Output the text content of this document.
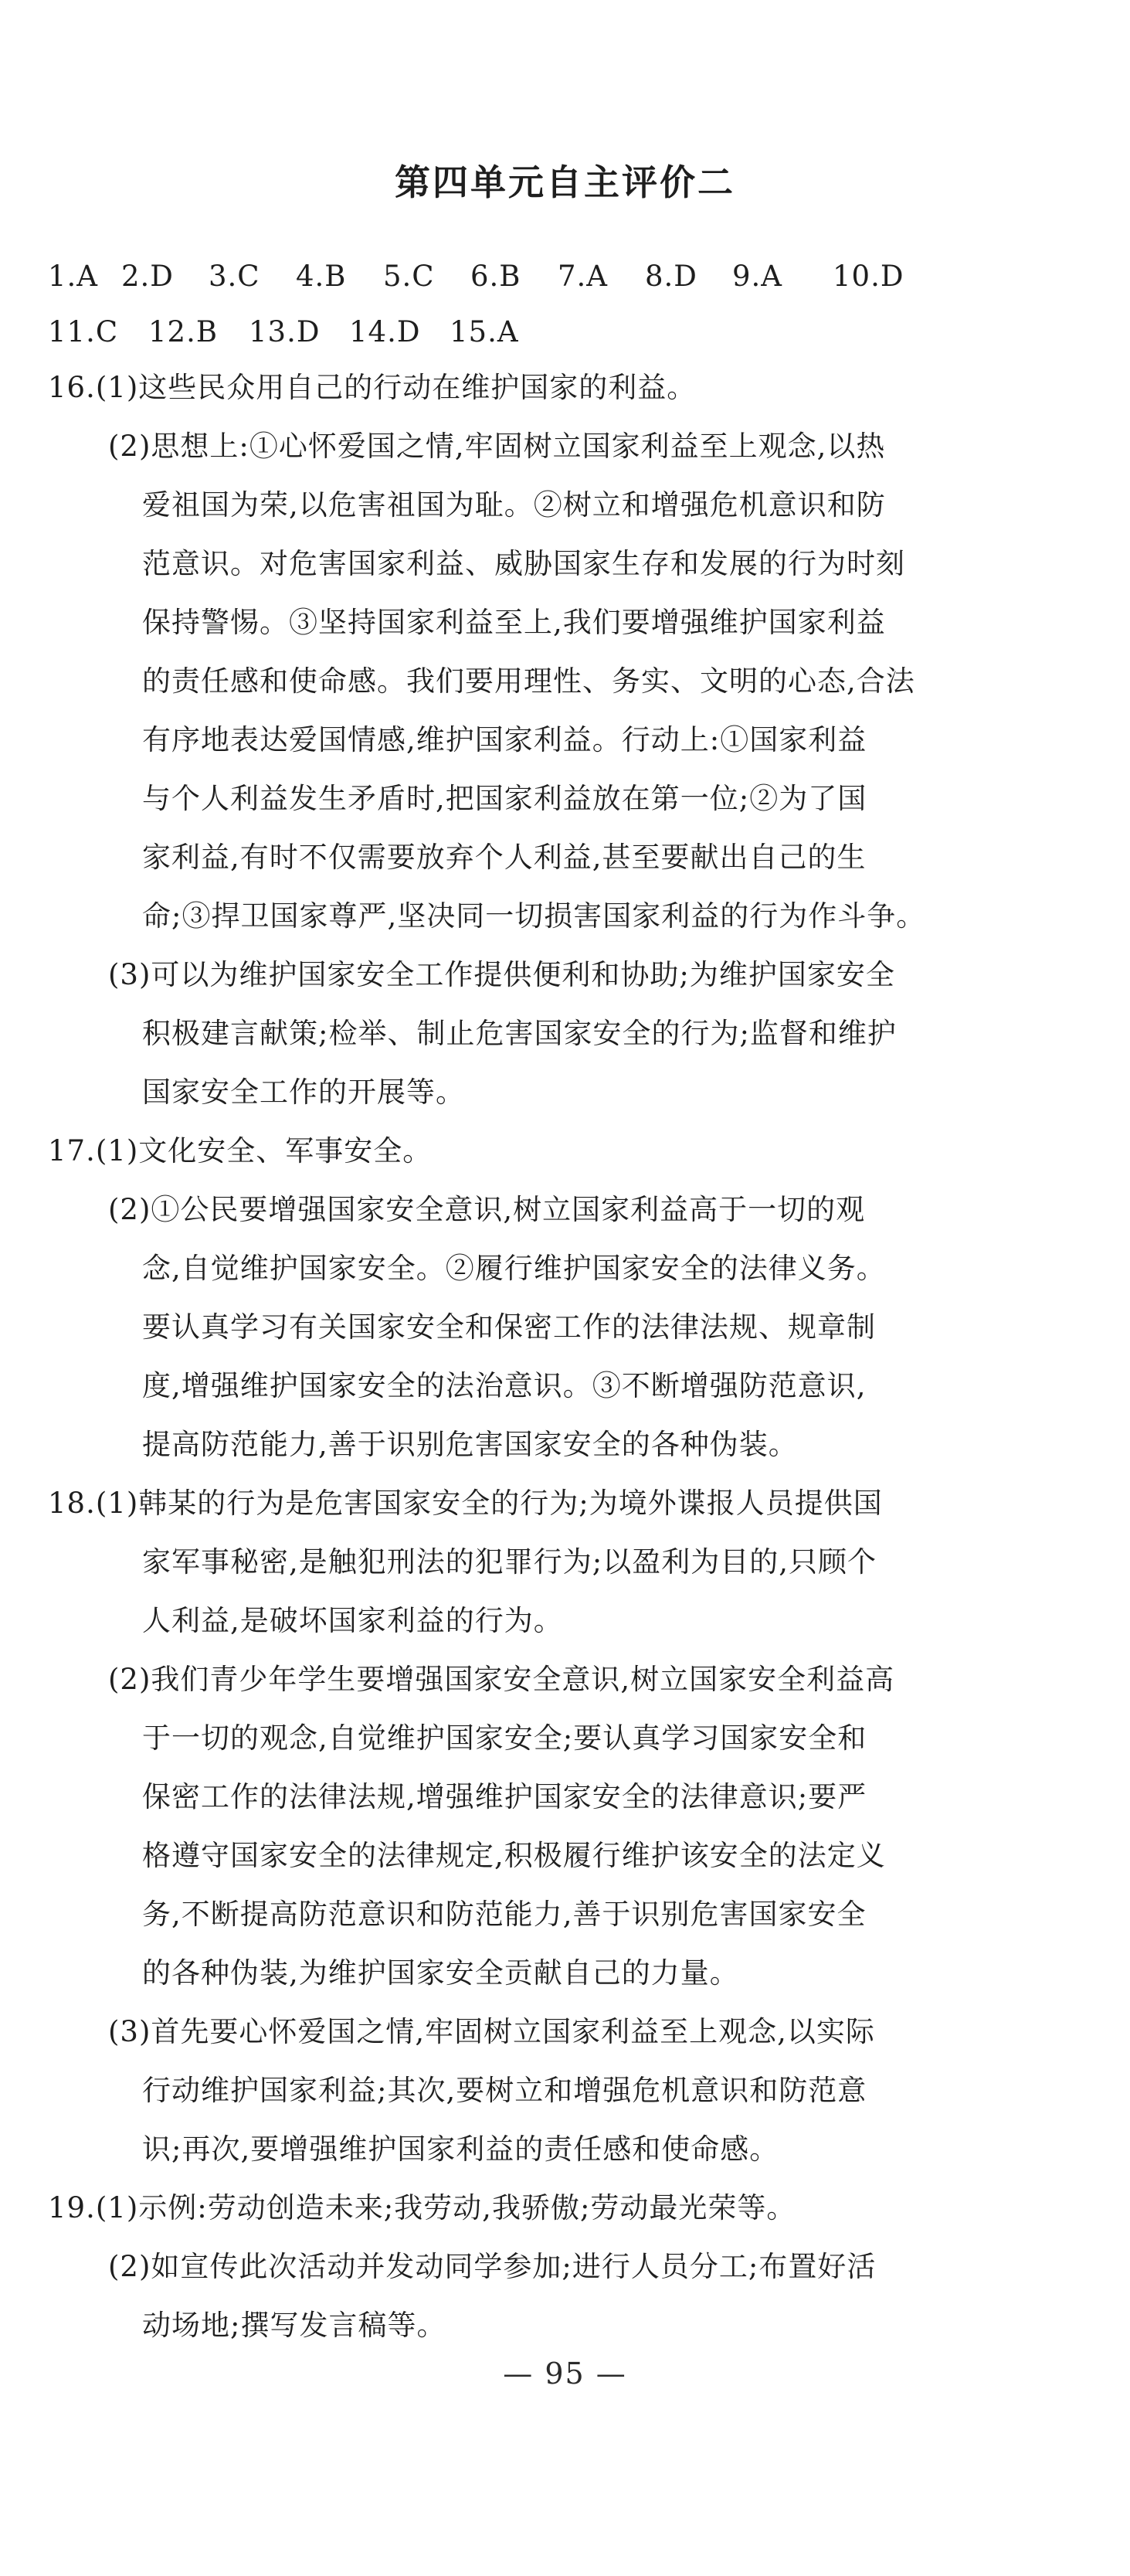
第四单元自主评价二
1.A 2.D 3.C 4.B 5.C 6.B 7.A 8.D 9.A 10.D
11.C 12.B 13.D 14.D 15.A
16.(1)这些民众用自己的行动在维护国家的利益。
(2)思想上:①心怀爱国之情,牢固树立国家利益至上观念,以热
爱祖国为荣,以危害祖国为耻。②树立和增强危机意识和防
范意识。对危害国家利益、威胁国家生存和发展的行为时刻
保持警惕。③坚持国家利益至上,我们要增强维护国家利益
的责任感和使命感。我们要用理性、务实、文明的心态,合法
有序地表达爱国情感,维护国家利益。行动上:①国家利益
与个人利益发生矛盾时,把国家利益放在第一位;②为了国
家利益,有时不仅需要放弃个人利益,甚至要献出自己的生
命;③捍卫国家尊严,坚决同一切损害国家利益的行为作斗争。
(3)可以为维护国家安全工作提供便利和协助;为维护国家安全
积极建言献策;检举、制止危害国家安全的行为;监督和维护
国家安全工作的开展等。
17.(1)文化安全、军事安全。
(2)①公民要增强国家安全意识,树立国家利益高于一切的观
念,自觉维护国家安全。②履行维护国家安全的法律义务。
要认真学习有关国家安全和保密工作的法律法规、规章制
度,增强维护国家安全的法治意识。③不断增强防范意识,
提高防范能力,善于识别危害国家安全的各种伪装。
18.(1)韩某的行为是危害国家安全的行为;为境外谍报人员提供国
家军事秘密,是触犯刑法的犯罪行为;以盈利为目的,只顾个
人利益,是破坏国家利益的行为。
(2)我们青少年学生要增强国家安全意识,树立国家安全利益高
于一切的观念,自觉维护国家安全;要认真学习国家安全和
保密工作的法律法规,增强维护国家安全的法律意识;要严
格遵守国家安全的法律规定,积极履行维护该安全的法定义
务,不断提高防范意识和防范能力,善于识别危害国家安全
的各种伪装,为维护国家安全贡献自己的力量。
(3)首先要心怀爱国之情,牢固树立国家利益至上观念,以实际
行动维护国家利益;其次,要树立和增强危机意识和防范意
识;再次,要增强维护国家利益的责任感和使命感。
19.(1)示例:劳动创造未来;我劳动,我骄傲;劳动最光荣等。
(2)如宣传此次活动并发动同学参加;进行人员分工;布置好活
动场地;撰写发言稿等。
— 95 —
